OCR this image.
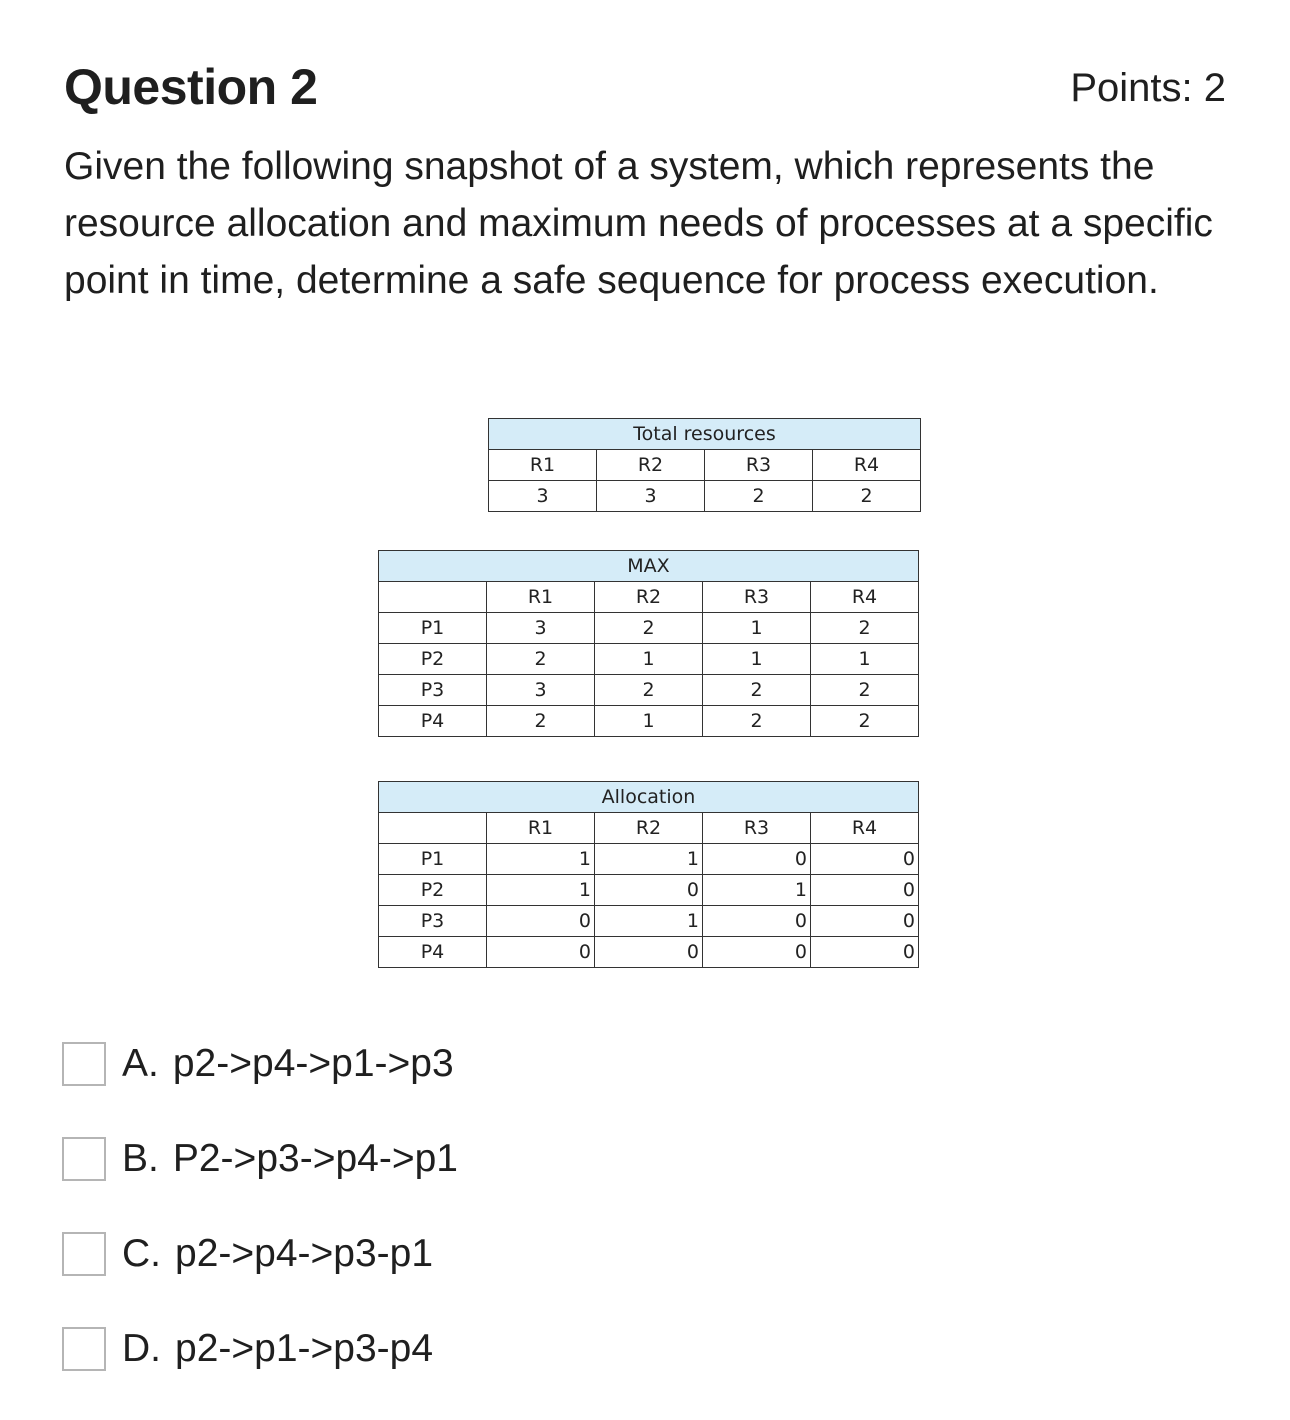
Question 2	Points: 2

Given the following snapshot of a system, which represents the resource allocation and maximum needs of processes at a specific point in time, determine a safe sequence for process execution.

Total resources			
R1	R2	R3	R4
3	3	2	2
MAX				
	R1	R2	R3	R4
P1	3	2	1	2
P2	2	1	1	1
P3	3	2	2	2
P4	2	1	2	2
Allocation				
	R1	R2	R3	R4
P1	1	1	0	0
P2	1	0	1	0
P3	0	1	0	0
P4	0	0	0	0
A. p2->p4->p1->p3
B. P2->p3->p4->p1
C. p2->p4->p3-p1
D. p2->p1->p3-p4
